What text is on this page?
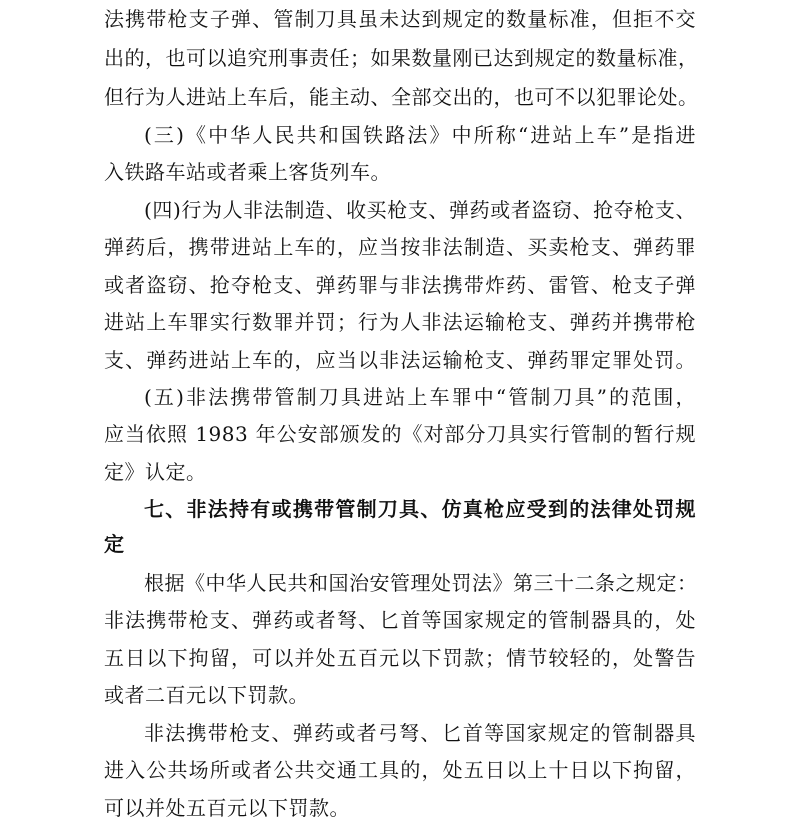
法携带枪支子弹、管制刀具虽未达到规定的数量标准，但拒不交
出的，也可以追究刑事责任；如果数量刚已达到规定的数量标准，
但行为人进站上车后，能主动、全部交出的，也可不以犯罪论处。
(三)《中华人民共和国铁路法》中所称“进站上车”是指进
入铁路车站或者乘上客货列车。
(四)行为人非法制造、收买枪支、弹药或者盗窃、抢夺枪支、
弹药后，携带进站上车的，应当按非法制造、买卖枪支、弹药罪
或者盗窃、抢夺枪支、弹药罪与非法携带炸药、雷管、枪支子弹
进站上车罪实行数罪并罚；行为人非法运输枪支、弹药并携带枪
支、弹药进站上车的，应当以非法运输枪支、弹药罪定罪处罚。
(五)非法携带管制刀具进站上车罪中“管制刀具”的范围，
应当依照 1983 年公安部颁发的《对部分刀具实行管制的暂行规
定》认定。
七、非法持有或携带管制刀具、仿真枪应受到的法律处罚规
定
根据《中华人民共和国治安管理处罚法》第三十二条之规定：
非法携带枪支、弹药或者弩、匕首等国家规定的管制器具的，处
五日以下拘留，可以并处五百元以下罚款；情节较轻的，处警告
或者二百元以下罚款。
非法携带枪支、弹药或者弓弩、匕首等国家规定的管制器具
进入公共场所或者公共交通工具的，处五日以上十日以下拘留，
可以并处五百元以下罚款。
